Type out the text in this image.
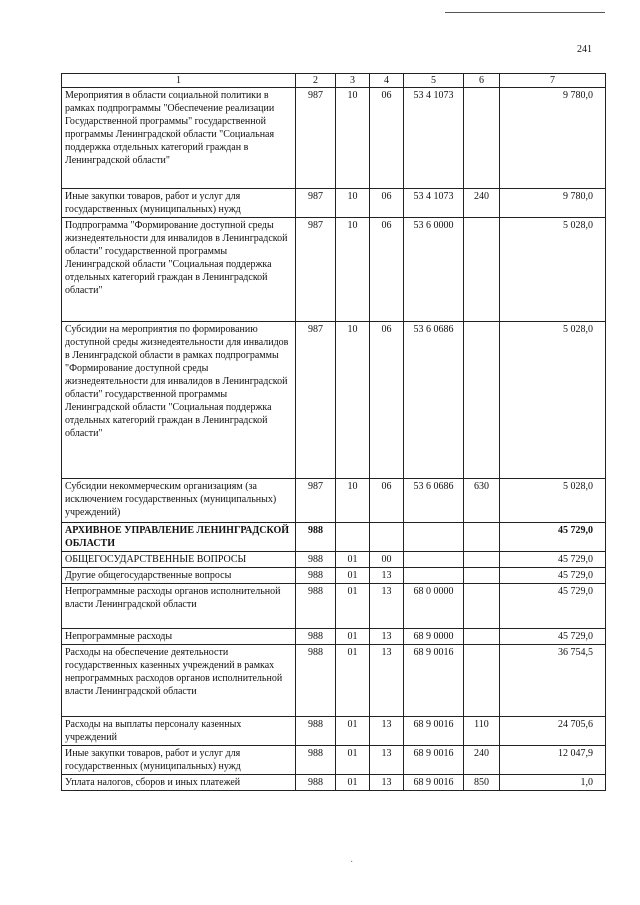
241
1	2	3	4	5	6	7
Мероприятия в области социальной политики в рамках подпрограммы "Обеспечение реализации Государственной программы" государственной программы Ленинградской области "Социальная поддержка отдельных категорий граждан в Ленинградской области"	987	10	06	53 4 1073		9 780,0
Иные закупки товаров, работ и услуг для государственных (муниципальных) нужд	987	10	06	53 4 1073	240	9 780,0
Подпрограмма "Формирование доступной среды жизнедеятельности для инвалидов в Ленинградской области" государственной программы Ленинградской области "Социальная поддержка отдельных категорий граждан в Ленинградской области"	987	10	06	53 6 0000		5 028,0
Субсидии на мероприятия по формированию доступной среды жизнедеятельности для инвалидов в Ленинградской области в рамках подпрограммы "Формирование доступной среды жизнедеятельности для инвалидов в Ленинградской области" государственной программы Ленинградской области "Социальная поддержка отдельных категорий граждан в Ленинградской области"	987	10	06	53 6 0686		5 028,0
Субсидии некоммерческим организациям (за исключением государственных (муниципальных) учреждений)	987	10	06	53 6 0686	630	5 028,0
АРХИВНОЕ УПРАВЛЕНИЕ ЛЕНИНГРАДСКОЙ ОБЛАСТИ	988					45 729,0
ОБЩЕГОСУДАРСТВЕННЫЕ ВОПРОСЫ	988	01	00			45 729,0
Другие общегосударственные вопросы	988	01	13			45 729,0
Непрограммные расходы органов исполнительной власти Ленинградской области	988	01	13	68 0 0000		45 729,0
Непрограммные расходы	988	01	13	68 9 0000		45 729,0
Расходы на обеспечение деятельности государственных казенных учреждений в рамках непрограммных расходов органов исполнительной власти Ленинградской области	988	01	13	68 9 0016		36 754,5
Расходы на выплаты персоналу казенных учреждений	988	01	13	68 9 0016	110	24 705,6
Иные закупки товаров, работ и услуг для государственных (муниципальных) нужд	988	01	13	68 9 0016	240	12 047,9
Уплата налогов, сборов и иных платежей	988	01	13	68 9 0016	850	1,0
·
